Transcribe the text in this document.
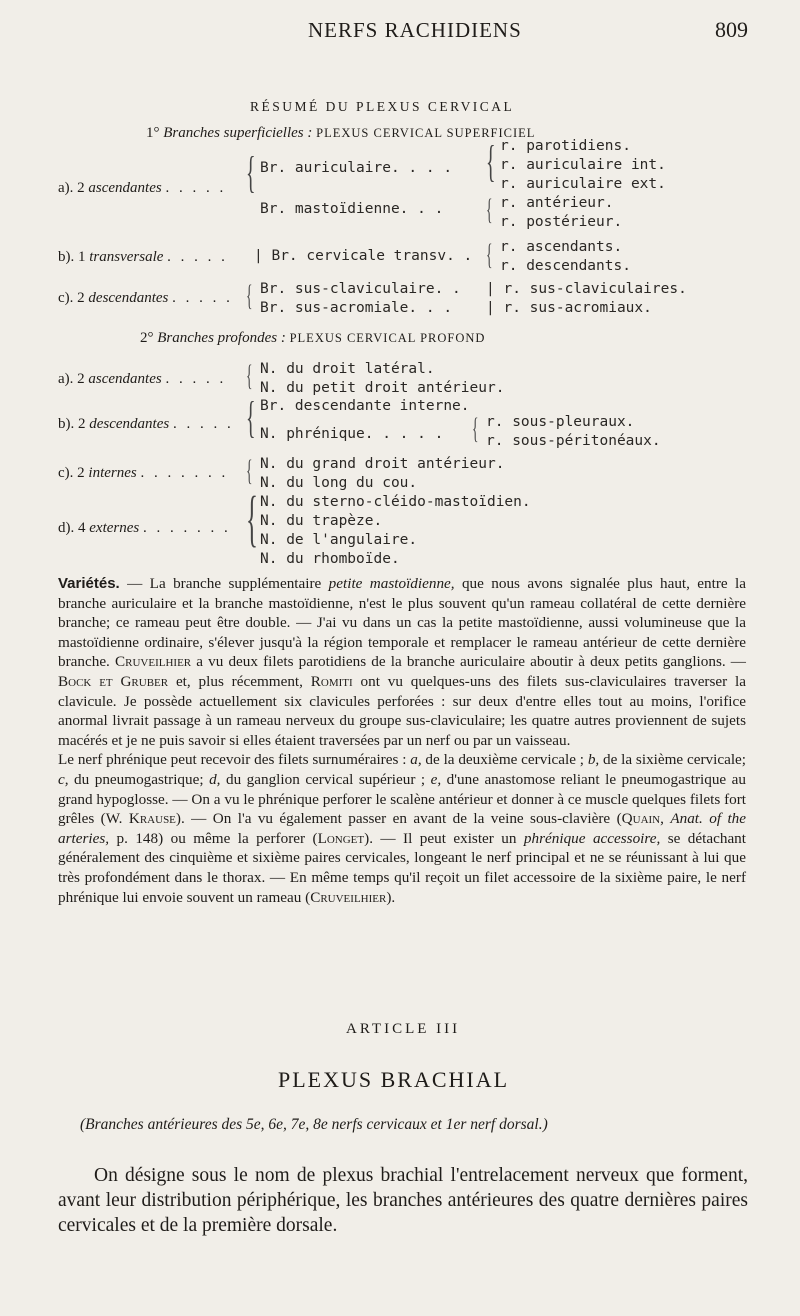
NERFS RACHIDIENS	809
RÉSUMÉ DU PLEXUS CERVICAL
1° Branches superficielles : PLEXUS CERVICAL SUPERFICIEL
a). 2 ascendantes . . . . . { Br. auriculaire. . . .
Br. mastoïdienne. . .
{ r. parotidiens.
r. auriculaire int.
r. auriculaire ext.
{ r. antérieur.
r. postérieur.
b). 1 transversale . . . . . | Br. cervicale transv. . { r. ascendants.
r. descendants.
c). 2 descendantes . . . . . { Br. sus-claviculaire. .
Br. sus-acromiale. . .
| r. sus-claviculaires.
| r. sus-acromiaux.
2° Branches profondes : PLEXUS CERVICAL PROFOND
a). 2 ascendantes . . . . . { N. du droit latéral.
N. du petit droit antérieur.
b). 2 descendantes . . . . . { Br. descendante interne.
N. phrénique. . . . . { r. sous-pleuraux.
r. sous-péritonéaux.
c). 2 internes . . . . . . . { N. du grand droit antérieur.
N. du long du cou.
d). 4 externes . . . . . . . { N. du sterno-cléido-mastoïdien.
N. du trapèze.
N. de l'angulaire.
N. du rhomboïde.

Variétés. — La branche supplémentaire petite mastoïdienne, que nous avons signalée plus haut, entre la branche auriculaire et la branche mastoïdienne, n'est le plus souvent qu'un rameau collatéral de cette dernière branche; ce rameau peut être double. — J'ai vu dans un cas la petite mastoïdienne, aussi volumineuse que la mastoïdienne ordinaire, s'élever jusqu'à la région temporale et remplacer le rameau antérieur de cette dernière branche. Cruveilhier a vu deux filets parotidiens de la branche auriculaire aboutir à deux petits ganglions. — Bock et Gruber et, plus récemment, Romiti ont vu quelques-uns des filets sus-claviculaires traverser la clavicule. Je possède actuellement six clavicules perforées : sur deux d'entre elles tout au moins, l'orifice anormal livrait passage à un rameau nerveux du groupe sus-claviculaire; les quatre autres proviennent de sujets macérés et je ne puis savoir si elles étaient traversées par un nerf ou par un vaisseau.

Le nerf phrénique peut recevoir des filets surnuméraires : a, de la deuxième cervicale ; b, de la sixième cervicale; c, du pneumogastrique; d, du ganglion cervical supérieur ; e, d'une anastomose reliant le pneumogastrique au grand hypoglosse. — On a vu le phrénique perforer le scalène antérieur et donner à ce muscle quelques filets fort grêles (W. Krause). — On l'a vu également passer en avant de la veine sous-clavière (Quain, Anat. of the arteries, p. 148) ou même la perforer (Longet). — Il peut exister un phrénique accessoire, se détachant généralement des cinquième et sixième paires cervicales, longeant le nerf principal et ne se réunissant à lui que très profondément dans le thorax. — En même temps qu'il reçoit un filet accessoire de la sixième paire, le nerf phrénique lui envoie souvent un rameau (Cruveilhier).

ARTICLE III
PLEXUS BRACHIAL
(Branches antérieures des 5e, 6e, 7e, 8e nerfs cervicaux et 1er nerf dorsal.)
On désigne sous le nom de plexus brachial l'entrelacement nerveux que forment, avant leur distribution périphérique, les branches antérieures des quatre dernières paires cervicales et de la première dorsale.
